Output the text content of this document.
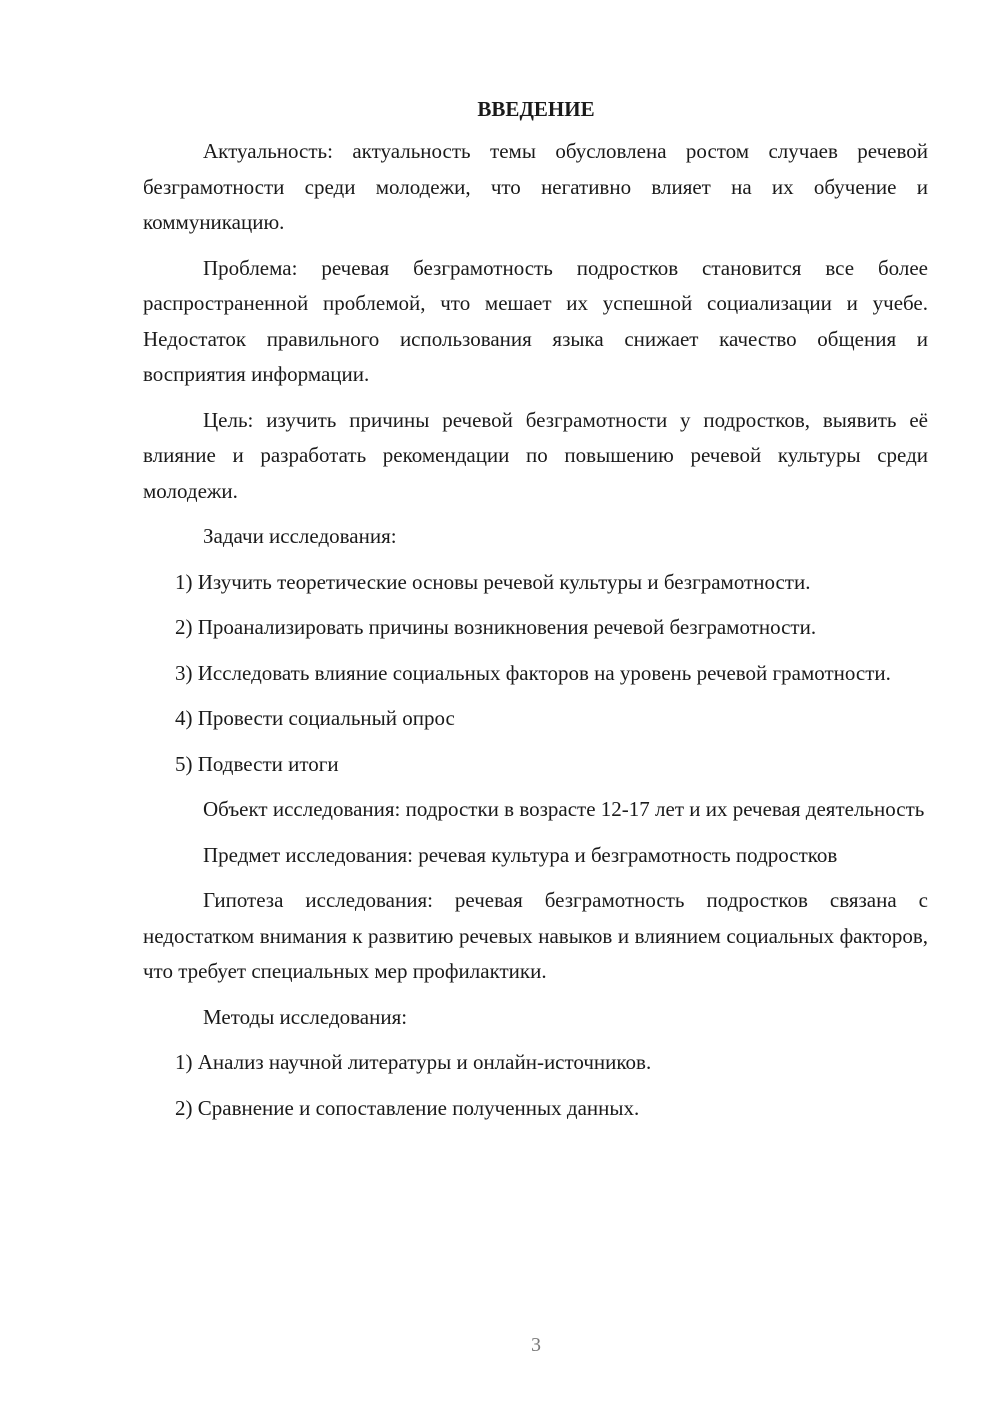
ВВЕДЕНИЕ

Актуальность: актуальность темы обусловлена ростом случаев речевой безграмотности среди молодежи, что негативно влияет на их обучение и коммуникацию.

Проблема: речевая безграмотность подростков становится все более распространенной проблемой, что мешает их успешной социализации и учебе. Недостаток правильного использования языка снижает качество общения и восприятия информации.

Цель: изучить причины речевой безграмотности у подростков, выявить её влияние и разработать рекомендации по повышению речевой культуры среди молодежи.

Задачи исследования:

1) Изучить теоретические основы речевой культуры и безграмотности.

2) Проанализировать причины возникновения речевой безграмотности.

3) Исследовать влияние социальных факторов на уровень речевой грамотности.

4) Провести социальный опрос

5) Подвести итоги

Объект исследования: подростки в возрасте 12-17 лет и их речевая деятельность

Предмет исследования: речевая культура и безграмотность подростков

Гипотеза исследования: речевая безграмотность подростков связана с недостатком внимания к развитию речевых навыков и влиянием социальных факторов, что требует специальных мер профилактики.

Методы исследования:

1) Анализ научной литературы и онлайн-источников.

2) Сравнение и сопоставление полученных данных.

3
